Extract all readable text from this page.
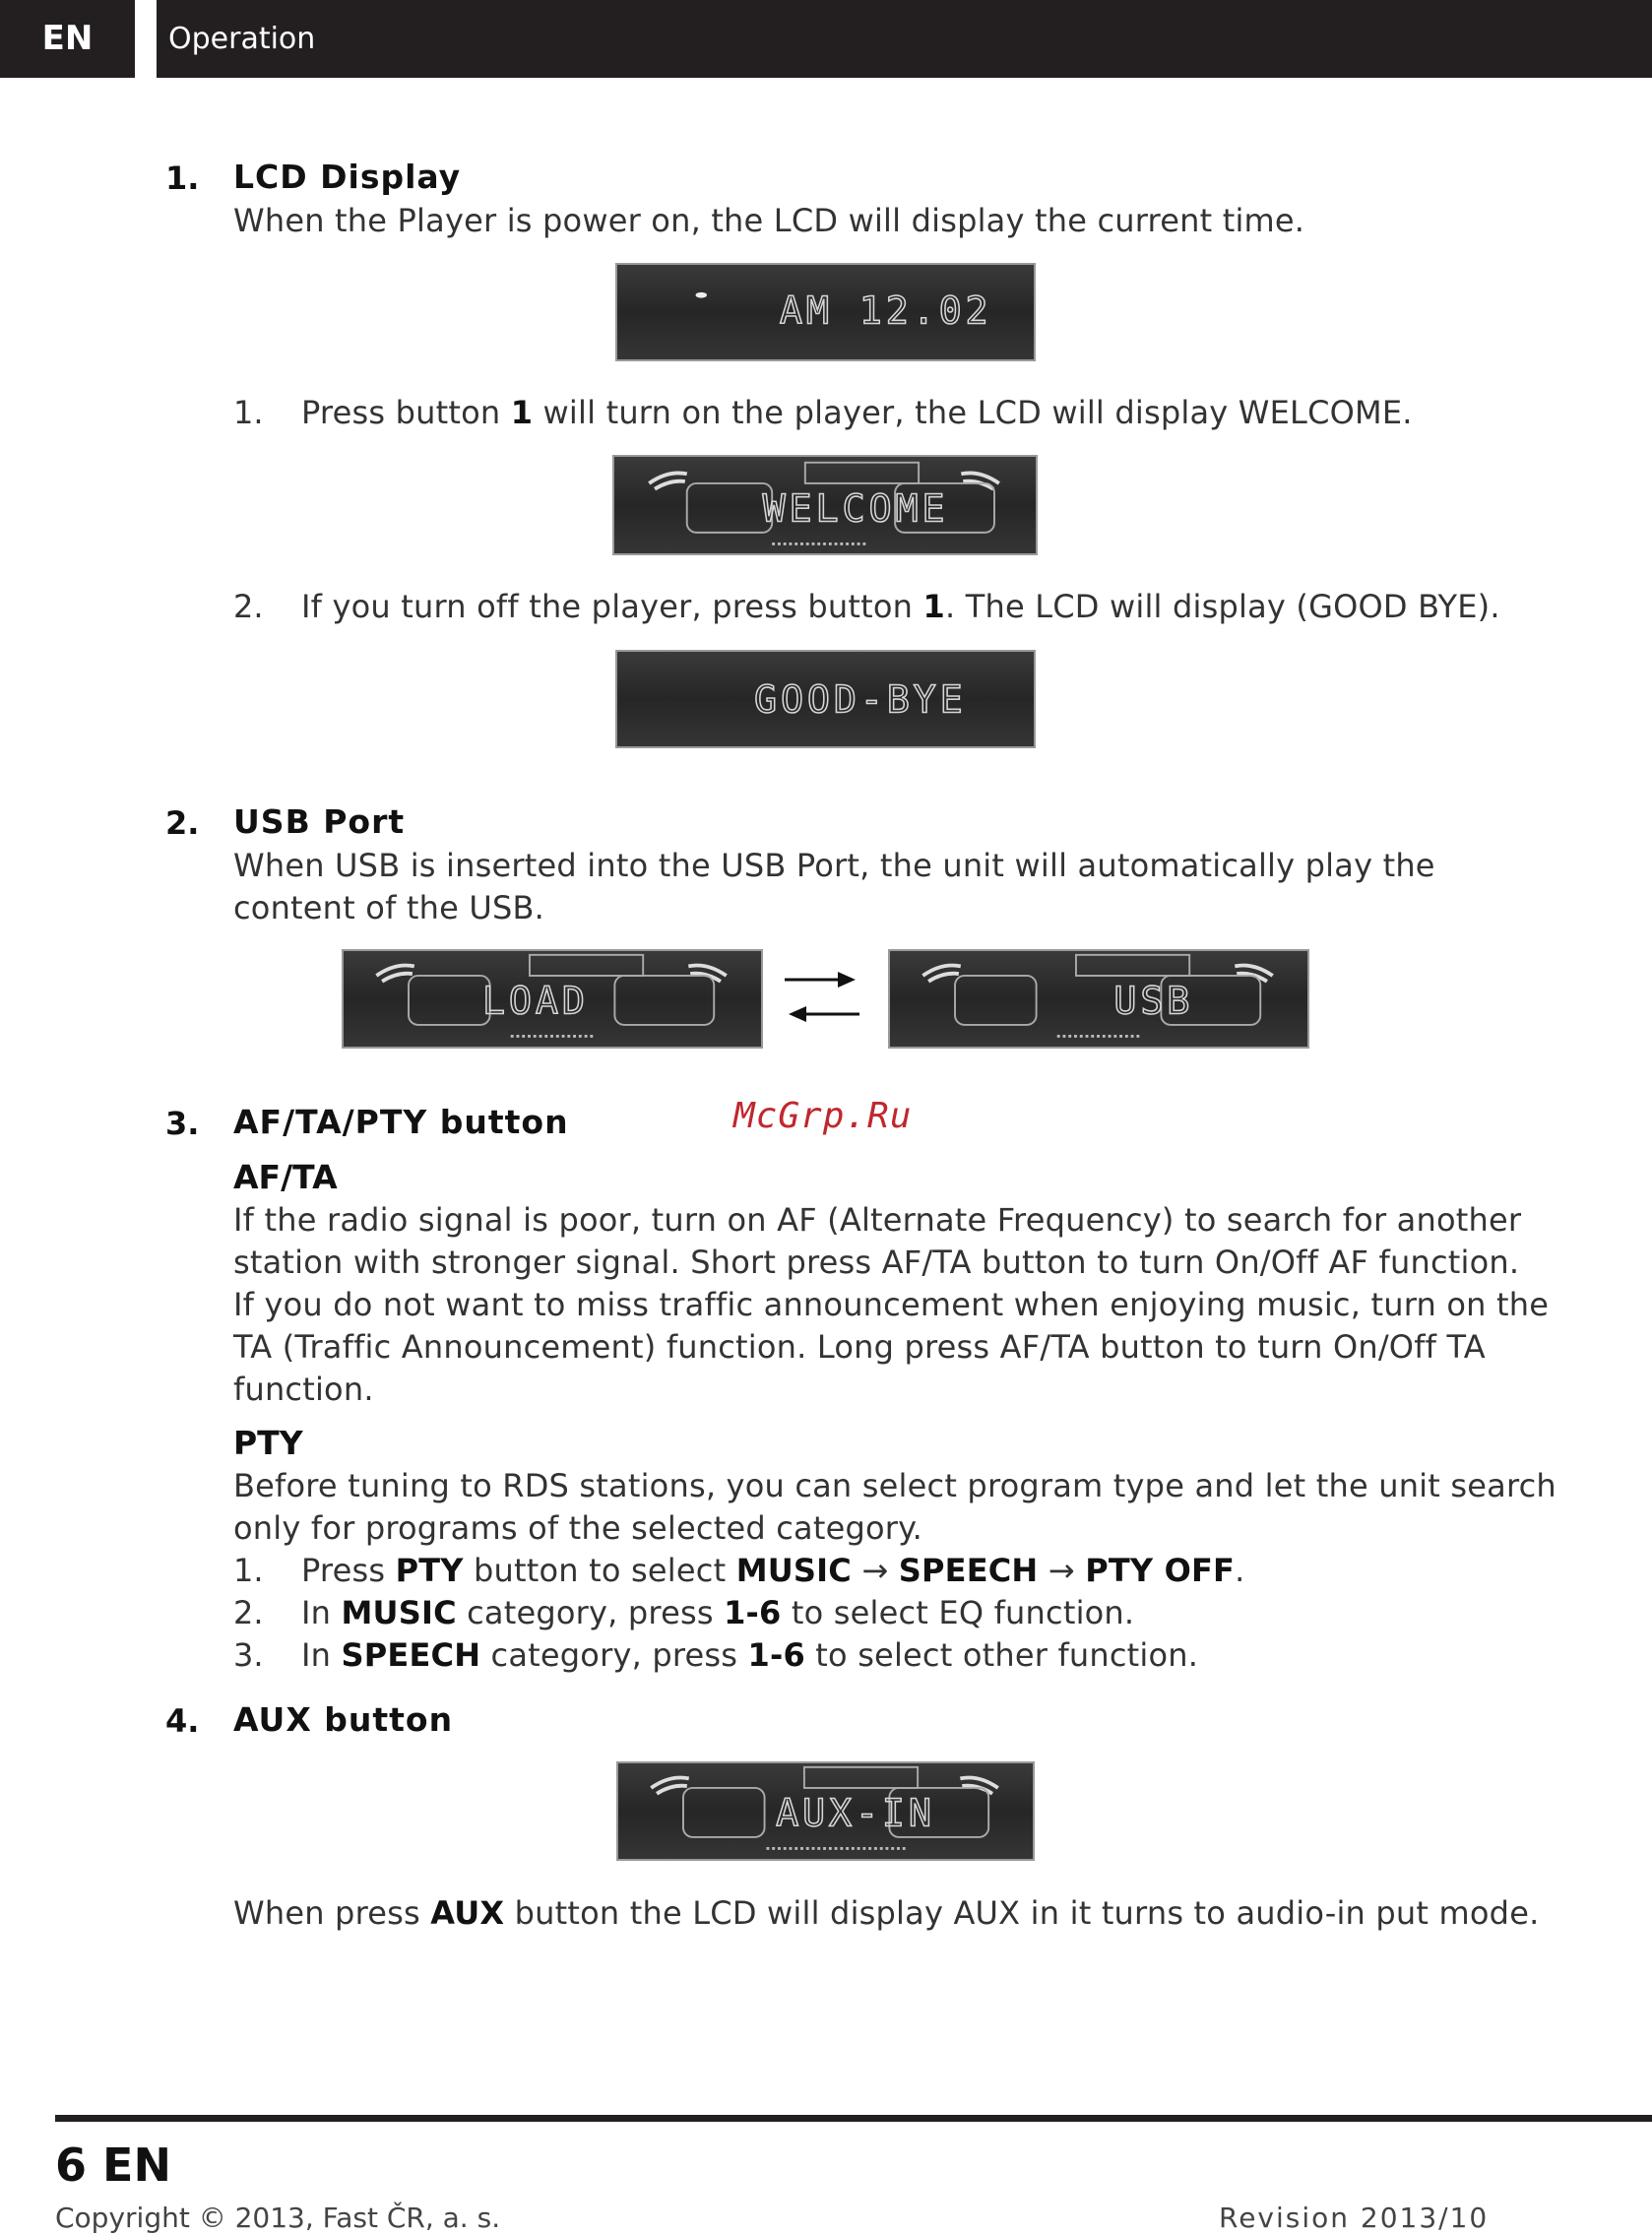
EN	Operation
1. LCD Display
When the Player is power on, the LCD will display the current time.
AM 12.02
1. Press button 1 will turn on the player, the LCD will display WELCOME.
WELCOME
2. If you turn off the player, press button 1. The LCD will display (GOOD BYE).
GOOD-BYE
2. USB Port
When USB is inserted into the USB Port, the unit will automatically play the
content of the USB.
LOAD	USB
3. AF/TA/PTY button	McGrp.Ru
AF/TA
If the radio signal is poor, turn on AF (Alternate Frequency) to search for another
station with stronger signal. Short press AF/TA button to turn On/Off AF function.
If you do not want to miss traffic announcement when enjoying music, turn on the
TA (Traffic Announcement) function. Long press AF/TA button to turn On/Off TA
function.
PTY
Before tuning to RDS stations, you can select program type and let the unit search
only for programs of the selected category.
1. Press PTY button to select MUSIC → SPEECH → PTY OFF.
2. In MUSIC category, press 1-6 to select EQ function.
3. In SPEECH category, press 1-6 to select other function.
4. AUX button
AUX-IN
When press AUX button the LCD will display AUX in it turns to audio-in put mode.
6 EN
Copyright © 2013, Fast ČR, a. s.	Revision 2013/10
